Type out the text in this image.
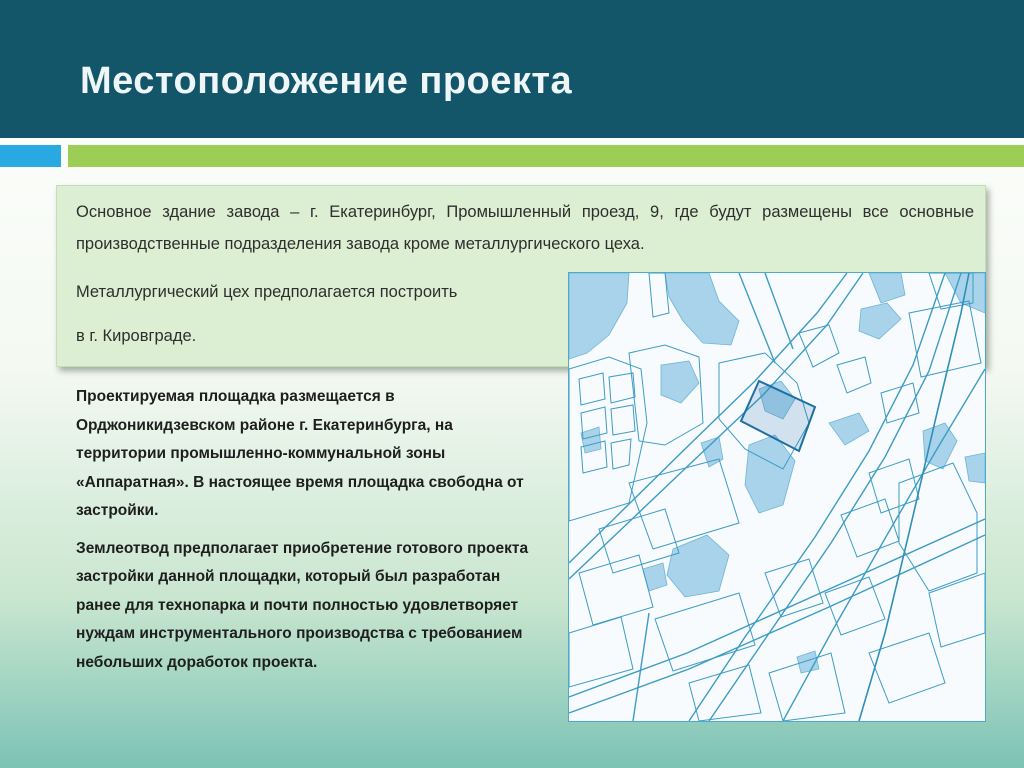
Местоположение проекта

Основное здание завода – г. Екатеринбург, Промышленный проезд, 9, где будут размещены все основные производственные подразделения завода кроме металлургического цеха.

Металлургический цех предполагается построить
в г. Кировграде.

Проектируемая площадка размещается в Орджоникидзевском районе г. Екатеринбурга, на территории промышленно-коммунальной зоны «Аппаратная». В настоящее время площадка свободна от застройки.

Землеотвод предполагает приобретение готового проекта застройки данной площадки, который был разработан ранее для технопарка и почти полностью удовлетворяет нуждам инструментального производства с требованием небольших доработок проекта.
